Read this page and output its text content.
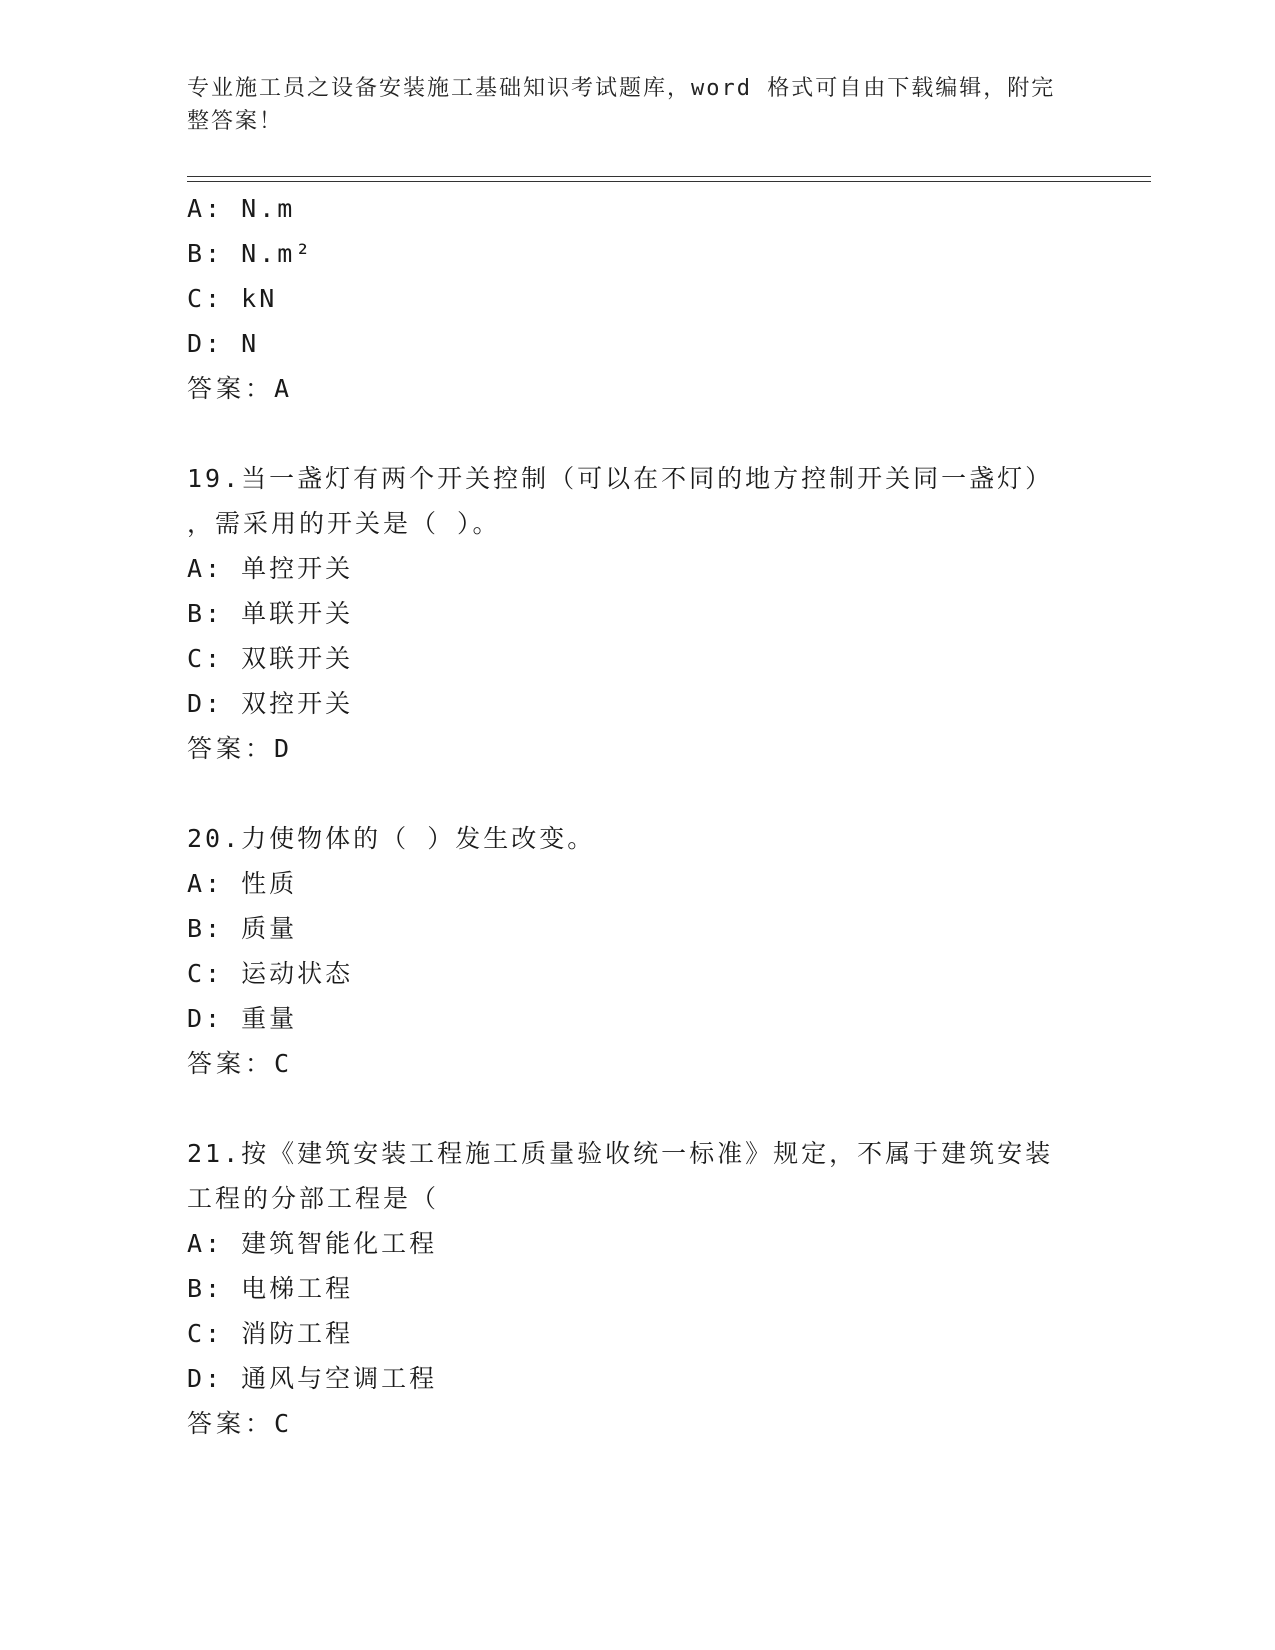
专业施工员之设备安装施工基础知识考试题库，word 格式可自由下载编辑，附完
整答案！
A: N.m
B: N.m²
C: kN
D: N
答案：A
19.当一盏灯有两个开关控制（可以在不同的地方控制开关同一盏灯）
，需采用的开关是（ ）。
A: 单控开关
B: 单联开关
C: 双联开关
D: 双控开关
答案：D
20.力使物体的（ ）发生改变。
A: 性质
B: 质量
C: 运动状态
D: 重量
答案：C
21.按《建筑安装工程施工质量验收统一标准》规定，不属于建筑安装
工程的分部工程是（
A: 建筑智能化工程
B: 电梯工程
C: 消防工程
D: 通风与空调工程
答案：C
